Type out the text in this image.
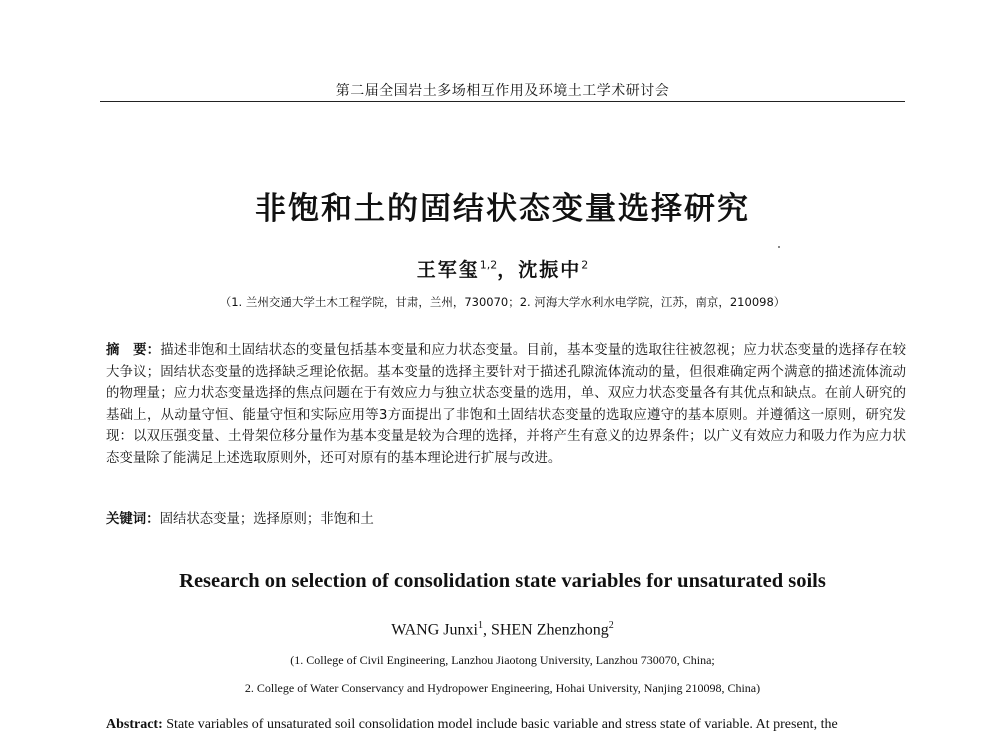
第二届全国岩土多场相互作用及环境土工学术研讨会
非饱和土的固结状态变量选择研究
王军玺$^{1,2}$，沈振中$^2$
（1. 兰州交通大学土木工程学院，甘肃，兰州，730070；2. 河海大学水利水电学院，江苏，南京，210098）
摘　要：描述非饱和土固结状态的变量包括基本变量和应力状态变量。目前，基本变量的选取往往被忽视；应力状态变量的选择存在较大争议；固结状态变量的选择缺乏理论依据。基本变量的选择主要针对于描述孔隙流体流动的量，但很难确定两个满意的描述流体流动的物理量；应力状态变量选择的焦点问题在于有效应力与独立状态变量的选用，单、双应力状态变量各有其优点和缺点。在前人研究的基础上，从动量守恒、能量守恒和实际应用等3方面提出了非饱和土固结状态变量的选取应遵守的基本原则。并遵循这一原则，研究发现：以双压强变量、土骨架位移分量作为基本变量是较为合理的选择，并将产生有意义的边界条件；以广义有效应力和吸力作为应力状态变量除了能满足上述选取原则外，还可对原有的基本理论进行扩展与改进。
关键词：固结状态变量；选择原则；非饱和土
Research on selection of consolidation state variables for unsaturated soils
WANG Junxi$^1$, SHEN Zhenzhong$^2$
(1. College of Civil Engineering, Lanzhou Jiaotong University, Lanzhou 730070, China;
2. College of Water Conservancy and Hydropower Engineering, Hohai University, Nanjing 210098, China)
Abstract: State variables of unsaturated soil consolidation model include basic variable and stress state of variable. At present, the
